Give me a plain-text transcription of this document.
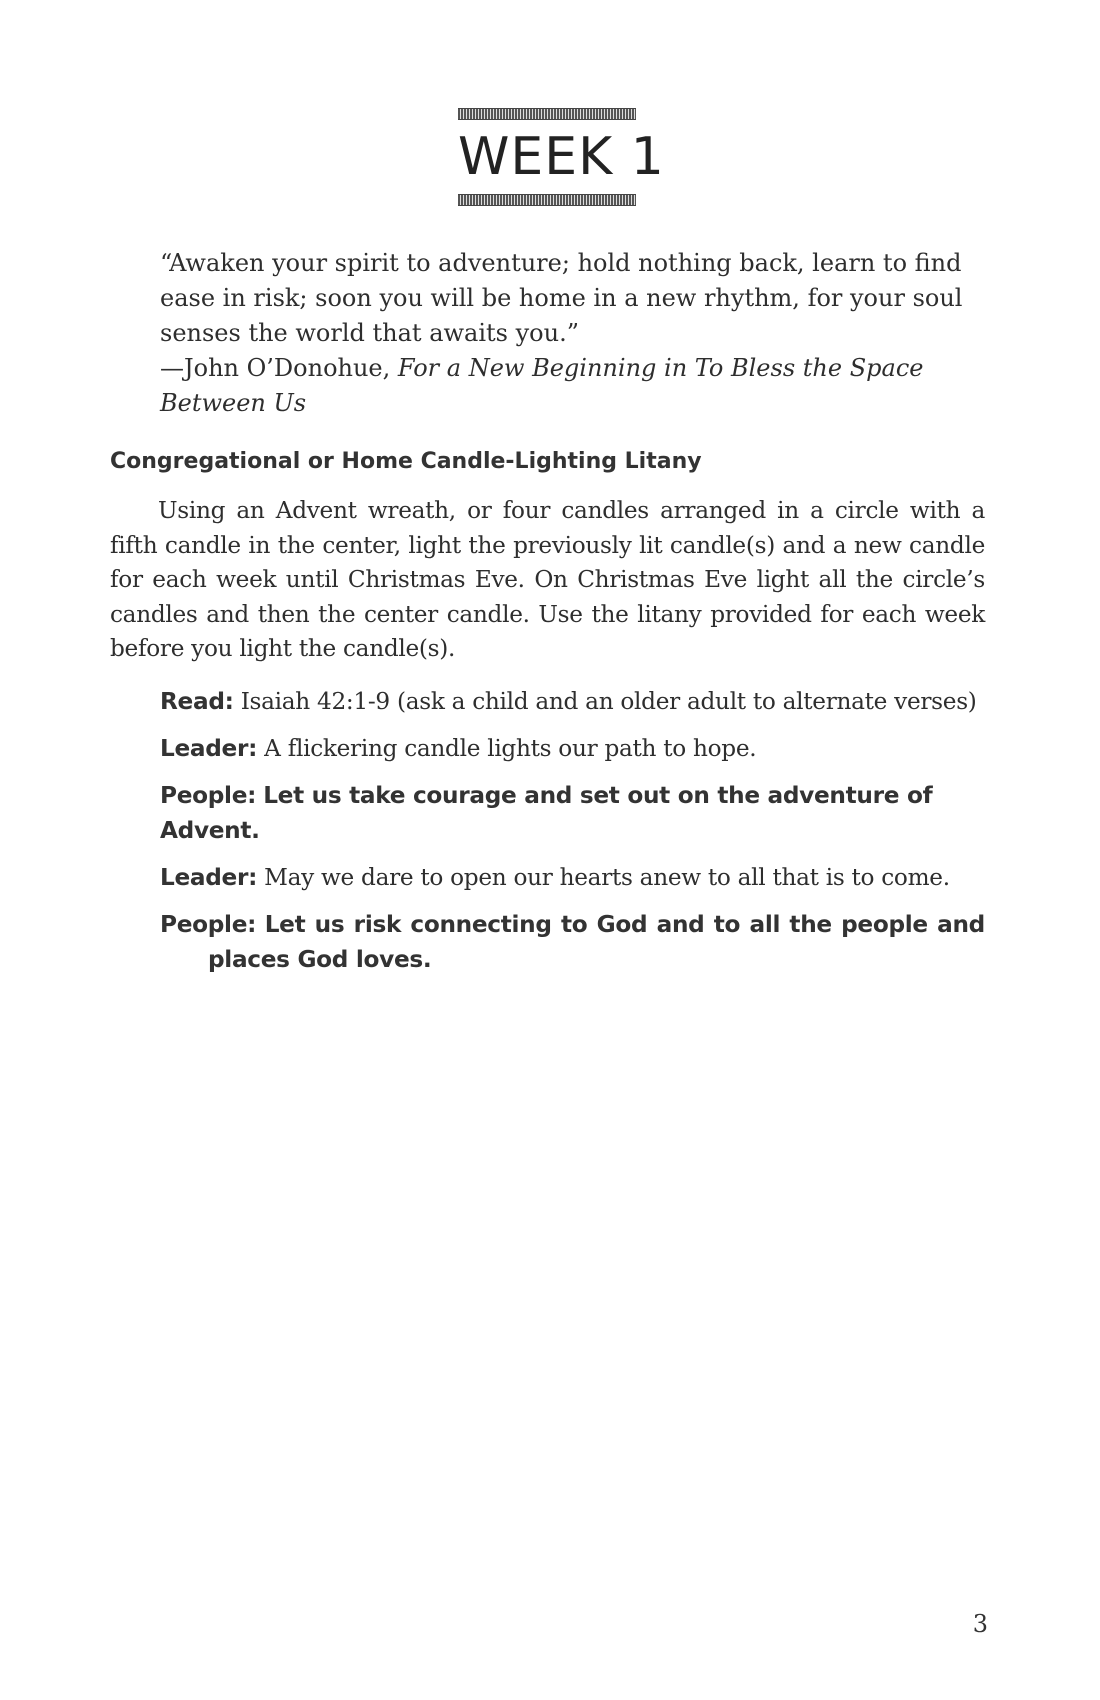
WEEK 1

“Awaken your spirit to adventure; hold nothing back, learn to find ease in risk; soon you will be home in a new rhythm, for your soul senses the world that awaits you.”

—John O’Donohue, For a New Beginning in To Bless the Space Between Us

Congregational or Home Candle-Lighting Litany

Using an Advent wreath, or four candles arranged in a circle with a fifth candle in the center, light the previously lit candle(s) and a new candle for each week until Christmas Eve. On Christmas Eve light all the circle’s candles and then the center candle. Use the litany provided for each week before you light the candle(s).

Read: Isaiah 42:1-9 (ask a child and an older adult to alternate verses)

Leader: A flickering candle lights our path to hope.

People: Let us take courage and set out on the adventure of Advent.

Leader: May we dare to open our hearts anew to all that is to come.

People: Let us risk connecting to God and to all the people and places God loves.

3
